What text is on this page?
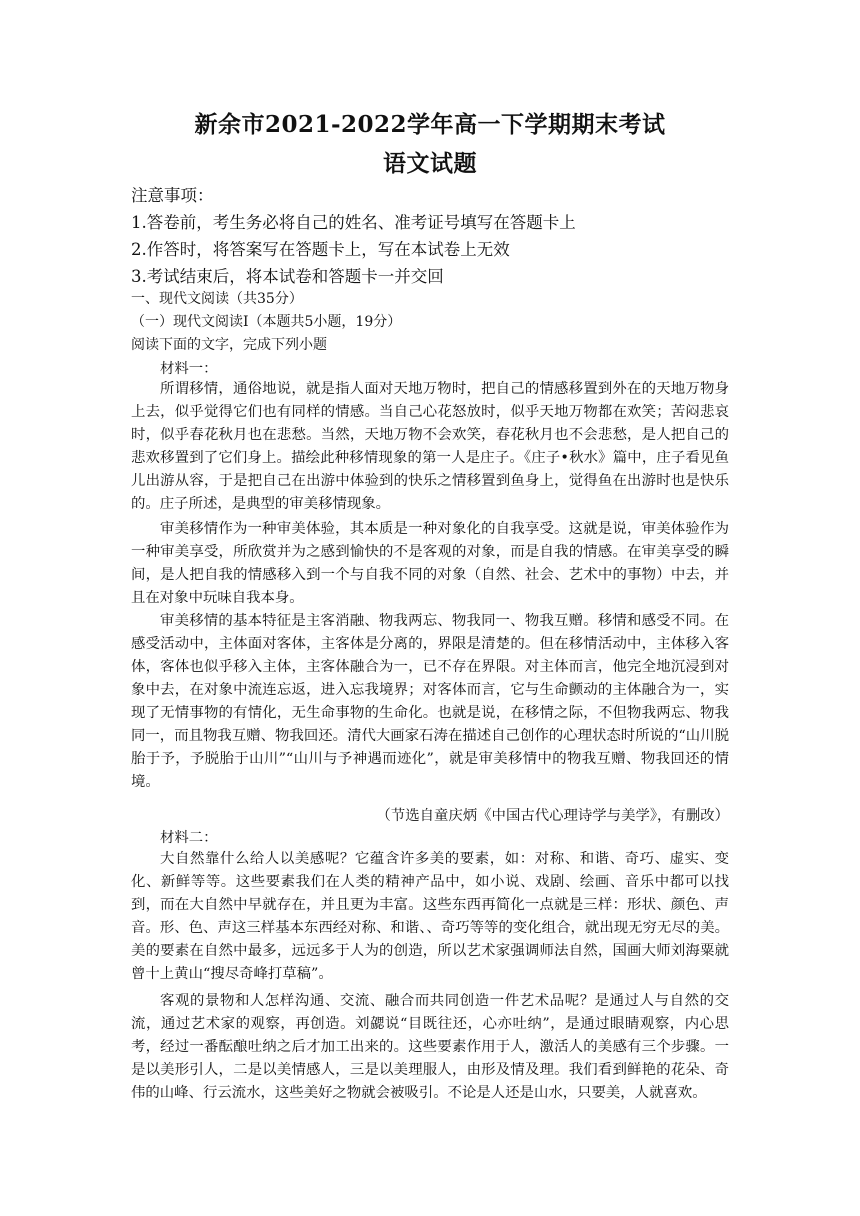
新余市2021-2022学年高一下学期期末考试
语文试题
注意事项：
1.答卷前，考生务必将自己的姓名、准考证号填写在答题卡上
2.作答时，将答案写在答题卡上，写在本试卷上无效
3.考试结束后，将本试卷和答题卡一并交回
一、现代文阅读（共35分）
（一）现代文阅读Ⅰ（本题共5小题，19分）
阅读下面的文字，完成下列小题
材料一：
所谓移情，通俗地说，就是指人面对天地万物时，把自己的情感移置到外在的天地万物身上去，似乎觉得它们也有同样的情感。当自己心花怒放时，似乎天地万物都在欢笑；苦闷悲哀时，似乎春花秋月也在悲愁。当然，天地万物不会欢笑，春花秋月也不会悲愁，是人把自己的悲欢移置到了它们身上。描绘此种移情现象的第一人是庄子。《庄子•秋水》篇中，庄子看见鱼儿出游从容，于是把自己在出游中体验到的快乐之情移置到鱼身上，觉得鱼在出游时也是快乐的。庄子所述，是典型的审美移情现象。
审美移情作为一种审美体验，其本质是一种对象化的自我享受。这就是说，审美体验作为一种审美享受，所欣赏并为之感到愉快的不是客观的对象，而是自我的情感。在审美享受的瞬间，是人把自我的情感移入到一个与自我不同的对象（自然、社会、艺术中的事物）中去，并且在对象中玩味自我本身。
审美移情的基本特征是主客消融、物我两忘、物我同一、物我互赠。移情和感受不同。在感受活动中，主体面对客体，主客体是分离的，界限是清楚的。但在移情活动中，主体移入客体，客体也似乎移入主体，主客体融合为一，已不存在界限。对主体而言，他完全地沉浸到对象中去，在对象中流连忘返，进入忘我境界；对客体而言，它与生命颤动的主体融合为一，实现了无情事物的有情化，无生命事物的生命化。也就是说，在移情之际，不但物我两忘、物我同一，而且物我互赠、物我回还。清代大画家石涛在描述自己创作的心理状态时所说的“山川脱胎于予，予脱胎于山川”“山川与予神遇而迹化”，就是审美移情中的物我互赠、物我回还的情境。
（节选自童庆炳《中国古代心理诗学与美学》，有删改）
材料二：
大自然靠什么给人以美感呢？它蕴含许多美的要素，如：对称、和谐、奇巧、虚实、变化、新鲜等等。这些要素我们在人类的精神产品中，如小说、戏剧、绘画、音乐中都可以找到，而在大自然中早就存在，并且更为丰富。这些东西再简化一点就是三样：形状、颜色、声音。形、色、声这三样基本东西经对称、和谐、、奇巧等等的变化组合，就出现无穷无尽的美。美的要素在自然中最多，远远多于人为的创造，所以艺术家强调师法自然，国画大师刘海粟就曾十上黄山“搜尽奇峰打草稿”。
客观的景物和人怎样沟通、交流、融合而共同创造一件艺术品呢？是通过人与自然的交流，通过艺术家的观察，再创造。刘勰说“目既往还，心亦吐纳”，是通过眼睛观察，内心思考，经过一番酝酿吐纳之后才加工出来的。这些要素作用于人，激活人的美感有三个步骤。一是以美形引人，二是以美情感人，三是以美理服人，由形及情及理。我们看到鲜艳的花朵、奇伟的山峰、行云流水，这些美好之物就会被吸引。不论是人还是山水，只要美，人就喜欢。
